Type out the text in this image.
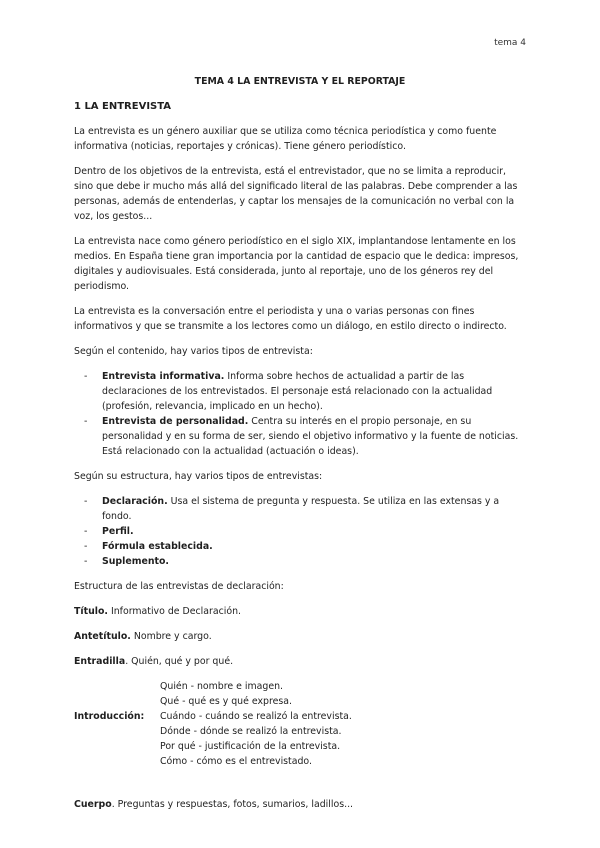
tema 4
TEMA 4 LA ENTREVISTA Y EL REPORTAJE
1 LA ENTREVISTA

La entrevista es un género auxiliar que se utiliza como técnica periodística y como fuente informativa (noticias, reportajes y crónicas). Tiene género periodístico.

Dentro de los objetivos de la entrevista, está el entrevistador, que no se limita a reproducir, sino que debe ir mucho más allá del significado literal de las palabras. Debe comprender a las personas, además de entenderlas, y captar los mensajes de la comunicación no verbal con la voz, los gestos...

La entrevista nace como género periodístico en el siglo XIX, implantandose lentamente en los medios. En España tiene gran importancia por la cantidad de espacio que le dedica: impresos, digitales y audiovisuales. Está considerada, junto al reportaje, uno de los géneros rey del periodismo.

La entrevista es la conversación entre el periodista y una o varias personas con fines informativos y que se transmite a los lectores como un diálogo, en estilo directo o indirecto.

Según el contenido, hay varios tipos de entrevista:

- Entrevista informativa. Informa sobre hechos de actualidad a partir de las declaraciones de los entrevistados. El personaje está relacionado con la actualidad (profesión, relevancia, implicado en un hecho).
- Entrevista de personalidad. Centra su interés en el propio personaje, en su personalidad y en su forma de ser, siendo el objetivo informativo y la fuente de noticias. Está relacionado con la actualidad (actuación o ideas).

Según su estructura, hay varios tipos de entrevistas:

- Declaración. Usa el sistema de pregunta y respuesta. Se utiliza en las extensas y a fondo.
- Perfil.
- Fórmula establecida.
- Suplemento.

Estructura de las entrevistas de declaración:

Título. Informativo de Declaración.

Antetítulo. Nombre y cargo.

Entradilla. Quién, qué y por qué.

Introducción:
Quién - nombre e imagen.
Qué - qué es y qué expresa.
Cuándo - cuándo se realizó la entrevista.
Dónde - dónde se realizó la entrevista.
Por qué - justificación de la entrevista.
Cómo - cómo es el entrevistado.

Cuerpo. Preguntas y respuestas, fotos, sumarios, ladillos...
